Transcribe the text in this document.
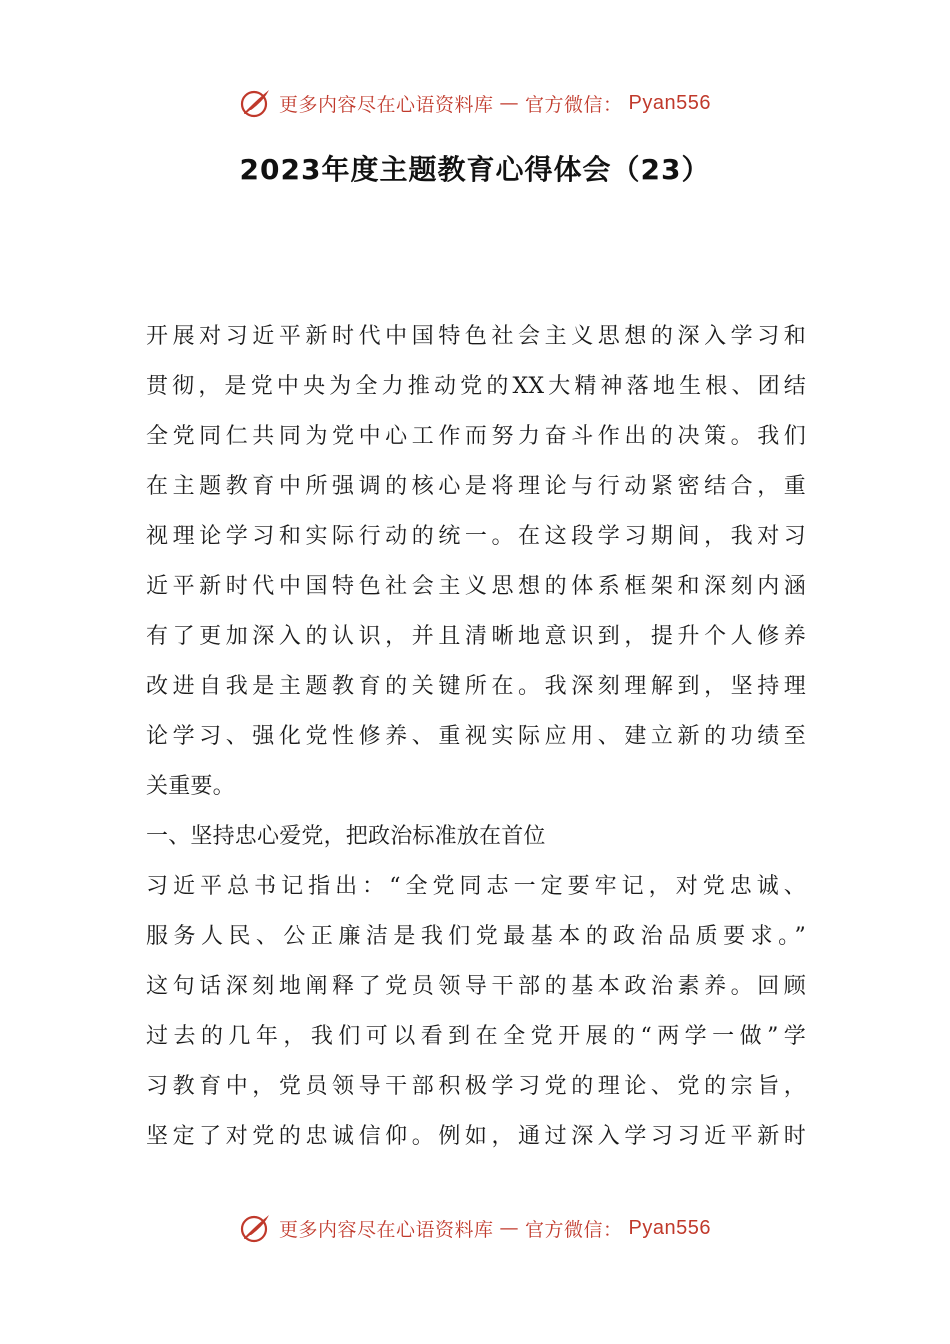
更多内容尽在心语资料库 — 官方微信： Pyan556
2023年度主题教育心得体会（23）
开展对习近平新时代中国特色社会主义思想的深入学习和
贯彻，是党中央为全力推动党的XX大精神落地生根、团结
全党同仁共同为党中心工作而努力奋斗作出的决策。我们
在主题教育中所强调的核心是将理论与行动紧密结合，重
视理论学习和实际行动的统一。在这段学习期间，我对习
近平新时代中国特色社会主义思想的体系框架和深刻内涵
有了更加深入的认识，并且清晰地意识到，提升个人修养
改进自我是主题教育的关键所在。我深刻理解到，坚持理
论学习、强化党性修养、重视实际应用、建立新的功绩至
关重要。
一、坚持忠心爱党，把政治标准放在首位
习近平总书记指出：“全党同志一定要牢记，对党忠诚、
服务人民、公正廉洁是我们党最基本的政治品质要求。”
这句话深刻地阐释了党员领导干部的基本政治素养。回顾
过去的几年，我们可以看到在全党开展的“两学一做”学
习教育中，党员领导干部积极学习党的理论、党的宗旨，
坚定了对党的忠诚信仰。例如，通过深入学习习近平新时
更多内容尽在心语资料库 — 官方微信： Pyan556
